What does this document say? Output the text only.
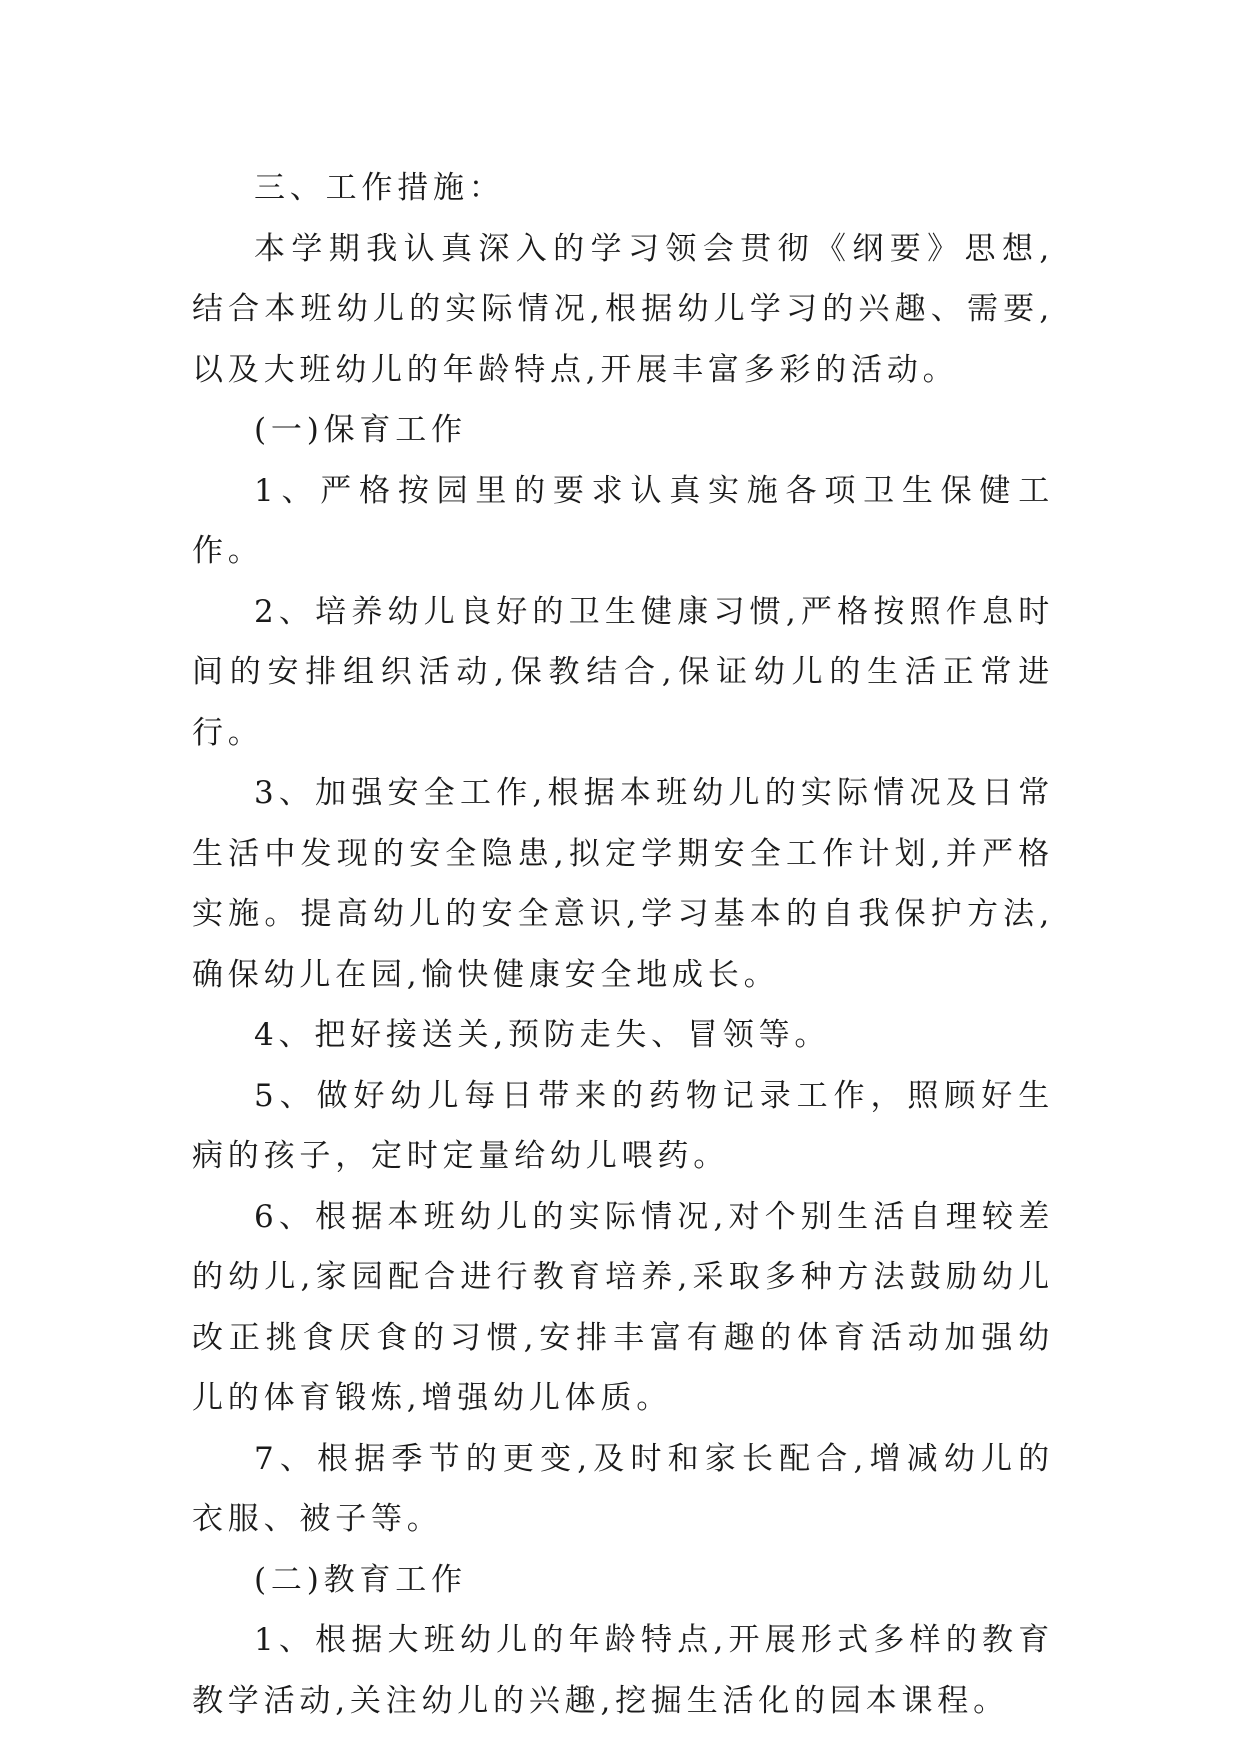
三、工作措施：

本学期我认真深入的学习领会贯彻《纲要》思想,结合本班幼儿的实际情况,根据幼儿学习的兴趣、需要,以及大班幼儿的年龄特点,开展丰富多彩的活动。

(一)保育工作

1、严格按园里的要求认真实施各项卫生保健工作。

2、培养幼儿良好的卫生健康习惯,严格按照作息时间的安排组织活动,保教结合,保证幼儿的生活正常进行。

3、加强安全工作,根据本班幼儿的实际情况及日常生活中发现的安全隐患,拟定学期安全工作计划,并严格实施。提高幼儿的安全意识,学习基本的自我保护方法,确保幼儿在园,愉快健康安全地成长。

4、把好接送关,预防走失、冒领等。

5、做好幼儿每日带来的药物记录工作，照顾好生病的孩子，定时定量给幼儿喂药。

6、根据本班幼儿的实际情况,对个别生活自理较差的幼儿,家园配合进行教育培养,采取多种方法鼓励幼儿改正挑食厌食的习惯,安排丰富有趣的体育活动加强幼儿的体育锻炼,增强幼儿体质。

7、根据季节的更变,及时和家长配合,增减幼儿的衣服、被子等。

(二)教育工作

1、根据大班幼儿的年龄特点,开展形式多样的教育教学活动,关注幼儿的兴趣,挖掘生活化的园本课程。
